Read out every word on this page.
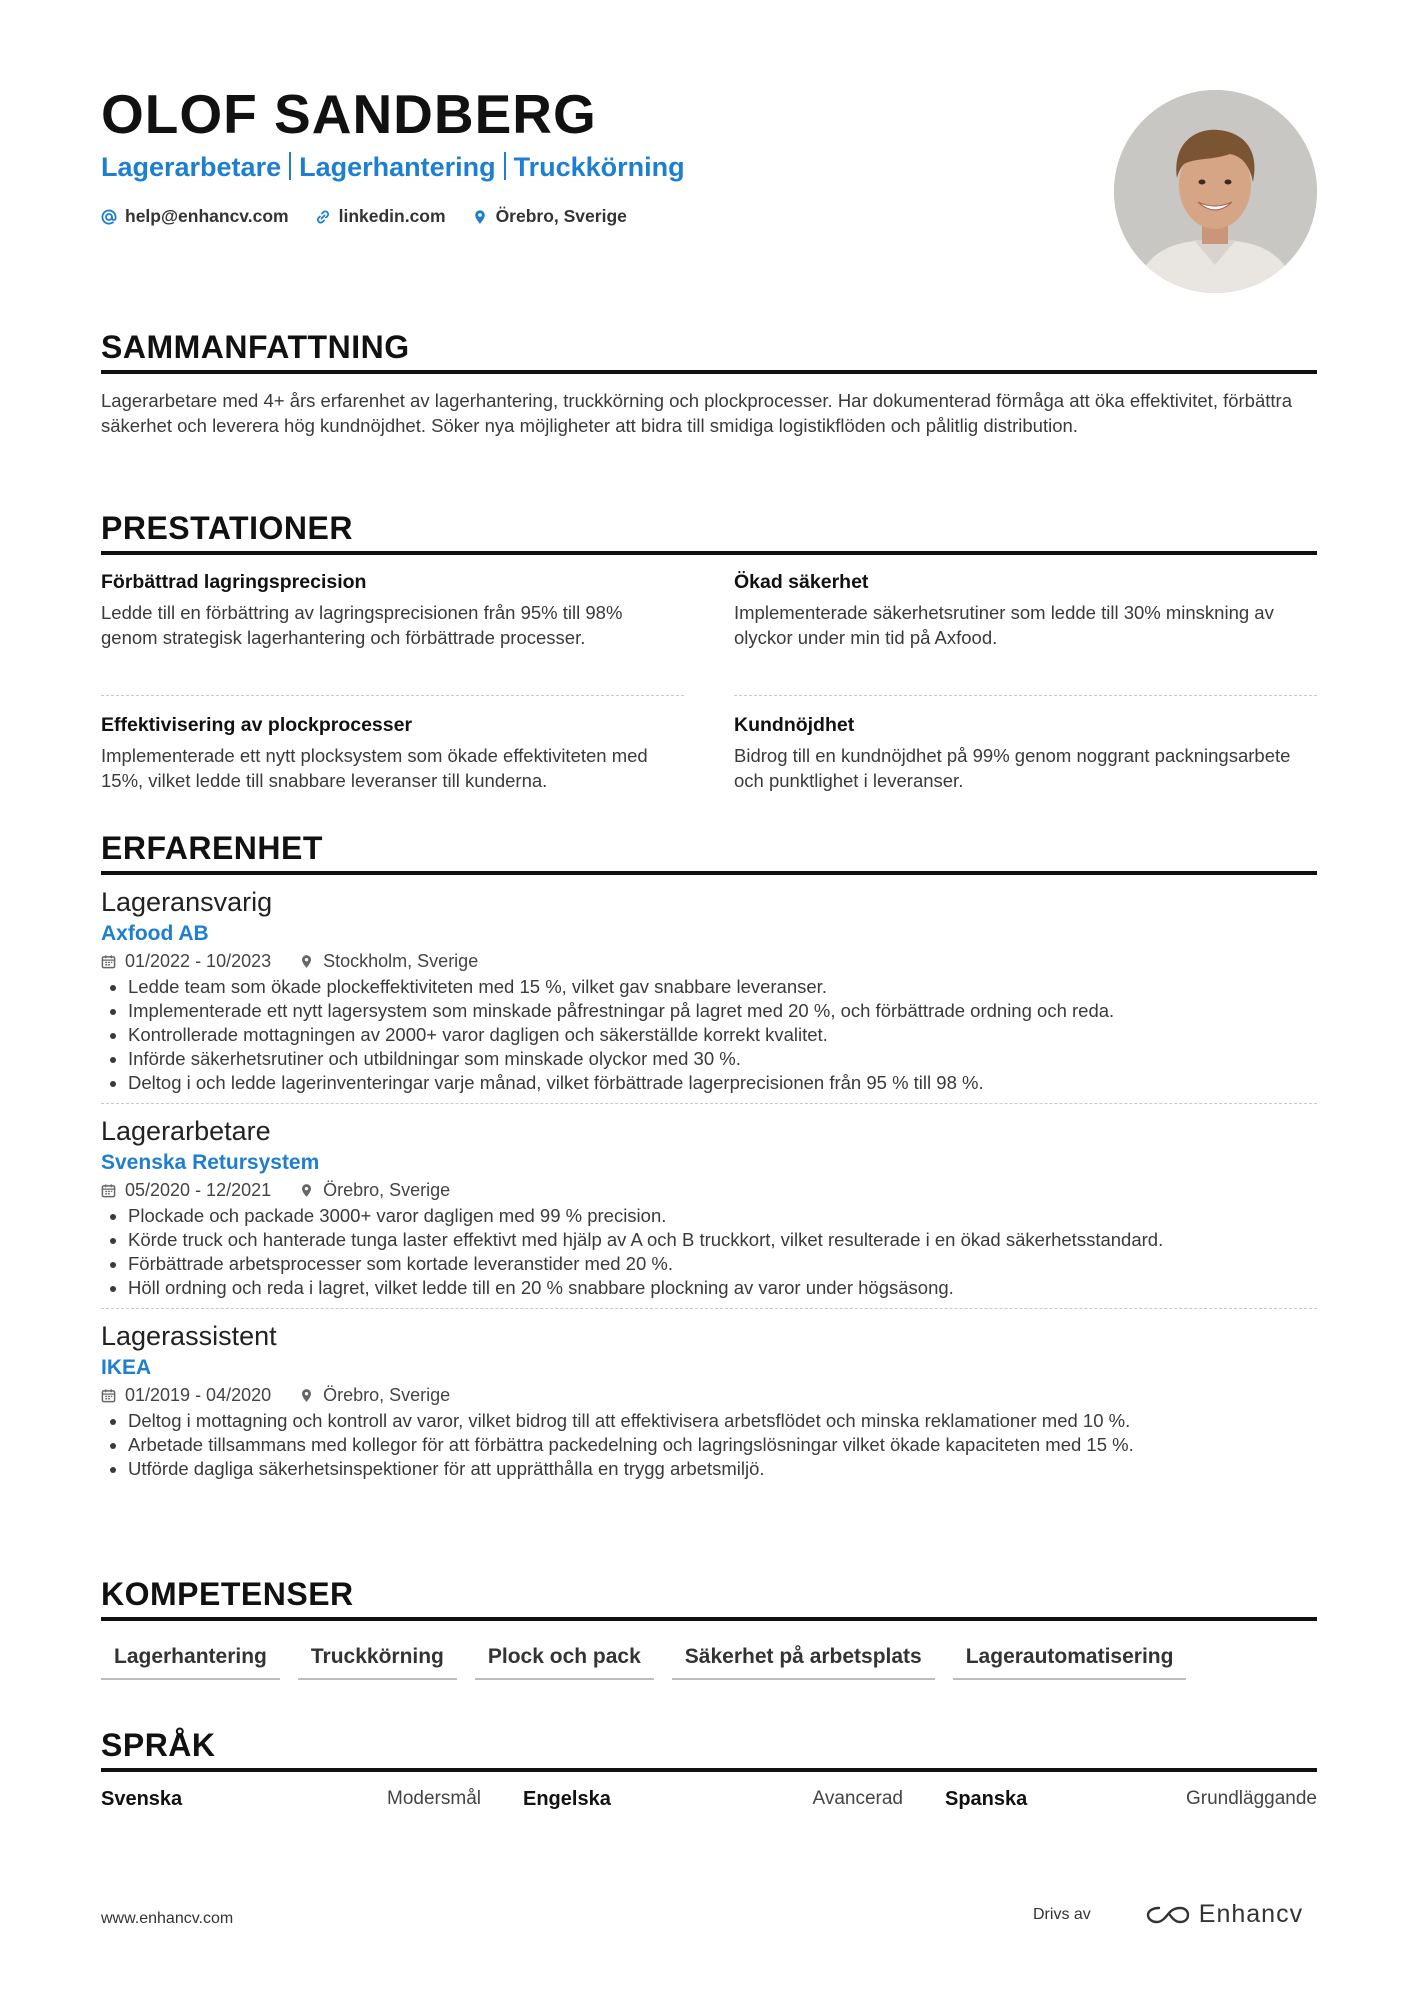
OLOF SANDBERG
Lagerarbetare Lagerhantering Truckkörning
help@enhancv.com	linkedin.com	Örebro, Sverige
SAMMANFATTNING
Lagerarbetare med 4+ års erfarenhet av lagerhantering, truckkörning och plockprocesser. Har dokumenterad förmåga att öka effektivitet, förbättra säkerhet och leverera hög kundnöjdhet. Söker nya möjligheter att bidra till smidiga logistikflöden och pålitlig distribution.
PRESTATIONER
Förbättrad lagringsprecision
Ledde till en förbättring av lagringsprecisionen från 95% till 98% genom strategisk lagerhantering och förbättrade processer.
Ökad säkerhet
Implementerade säkerhetsrutiner som ledde till 30% minskning av olyckor under min tid på Axfood.
Effektivisering av plockprocesser
Implementerade ett nytt plocksystem som ökade effektiviteten med 15%, vilket ledde till snabbare leveranser till kunderna.
Kundnöjdhet
Bidrog till en kundnöjdhet på 99% genom noggrant packningsarbete och punktlighet i leveranser.
ERFARENHET
Lageransvarig
Axfood AB
01/2022 - 10/2023	Stockholm, Sverige
• Ledde team som ökade plockeffektiviteten med 15 %, vilket gav snabbare leveranser.
• Implementerade ett nytt lagersystem som minskade påfrestningar på lagret med 20 %, och förbättrade ordning och reda.
• Kontrollerade mottagningen av 2000+ varor dagligen och säkerställde korrekt kvalitet.
• Införde säkerhetsrutiner och utbildningar som minskade olyckor med 30 %.
• Deltog i och ledde lagerinventeringar varje månad, vilket förbättrade lagerprecisionen från 95 % till 98 %.
Lagerarbetare
Svenska Retursystem
05/2020 - 12/2021	Örebro, Sverige
• Plockade och packade 3000+ varor dagligen med 99 % precision.
• Körde truck och hanterade tunga laster effektivt med hjälp av A och B truckkort, vilket resulterade i en ökad säkerhetsstandard.
• Förbättrade arbetsprocesser som kortade leveranstider med 20 %.
• Höll ordning och reda i lagret, vilket ledde till en 20 % snabbare plockning av varor under högsäsong.
Lagerassistent
IKEA
01/2019 - 04/2020	Örebro, Sverige
• Deltog i mottagning och kontroll av varor, vilket bidrog till att effektivisera arbetsflödet och minska reklamationer med 10 %.
• Arbetade tillsammans med kollegor för att förbättra packedelning och lagringslösningar vilket ökade kapaciteten med 15 %.
• Utförde dagliga säkerhetsinspektioner för att upprätthålla en trygg arbetsmiljö.
KOMPETENSER
Lagerhantering	Truckkörning	Plock och pack	Säkerhet på arbetsplats	Lagerautomatisering
SPRÅK
Svenska	Modersmål Engelska	Avancerad Spanska	Grundläggande
www.enhancv.com	Drivs av	Enhancv
